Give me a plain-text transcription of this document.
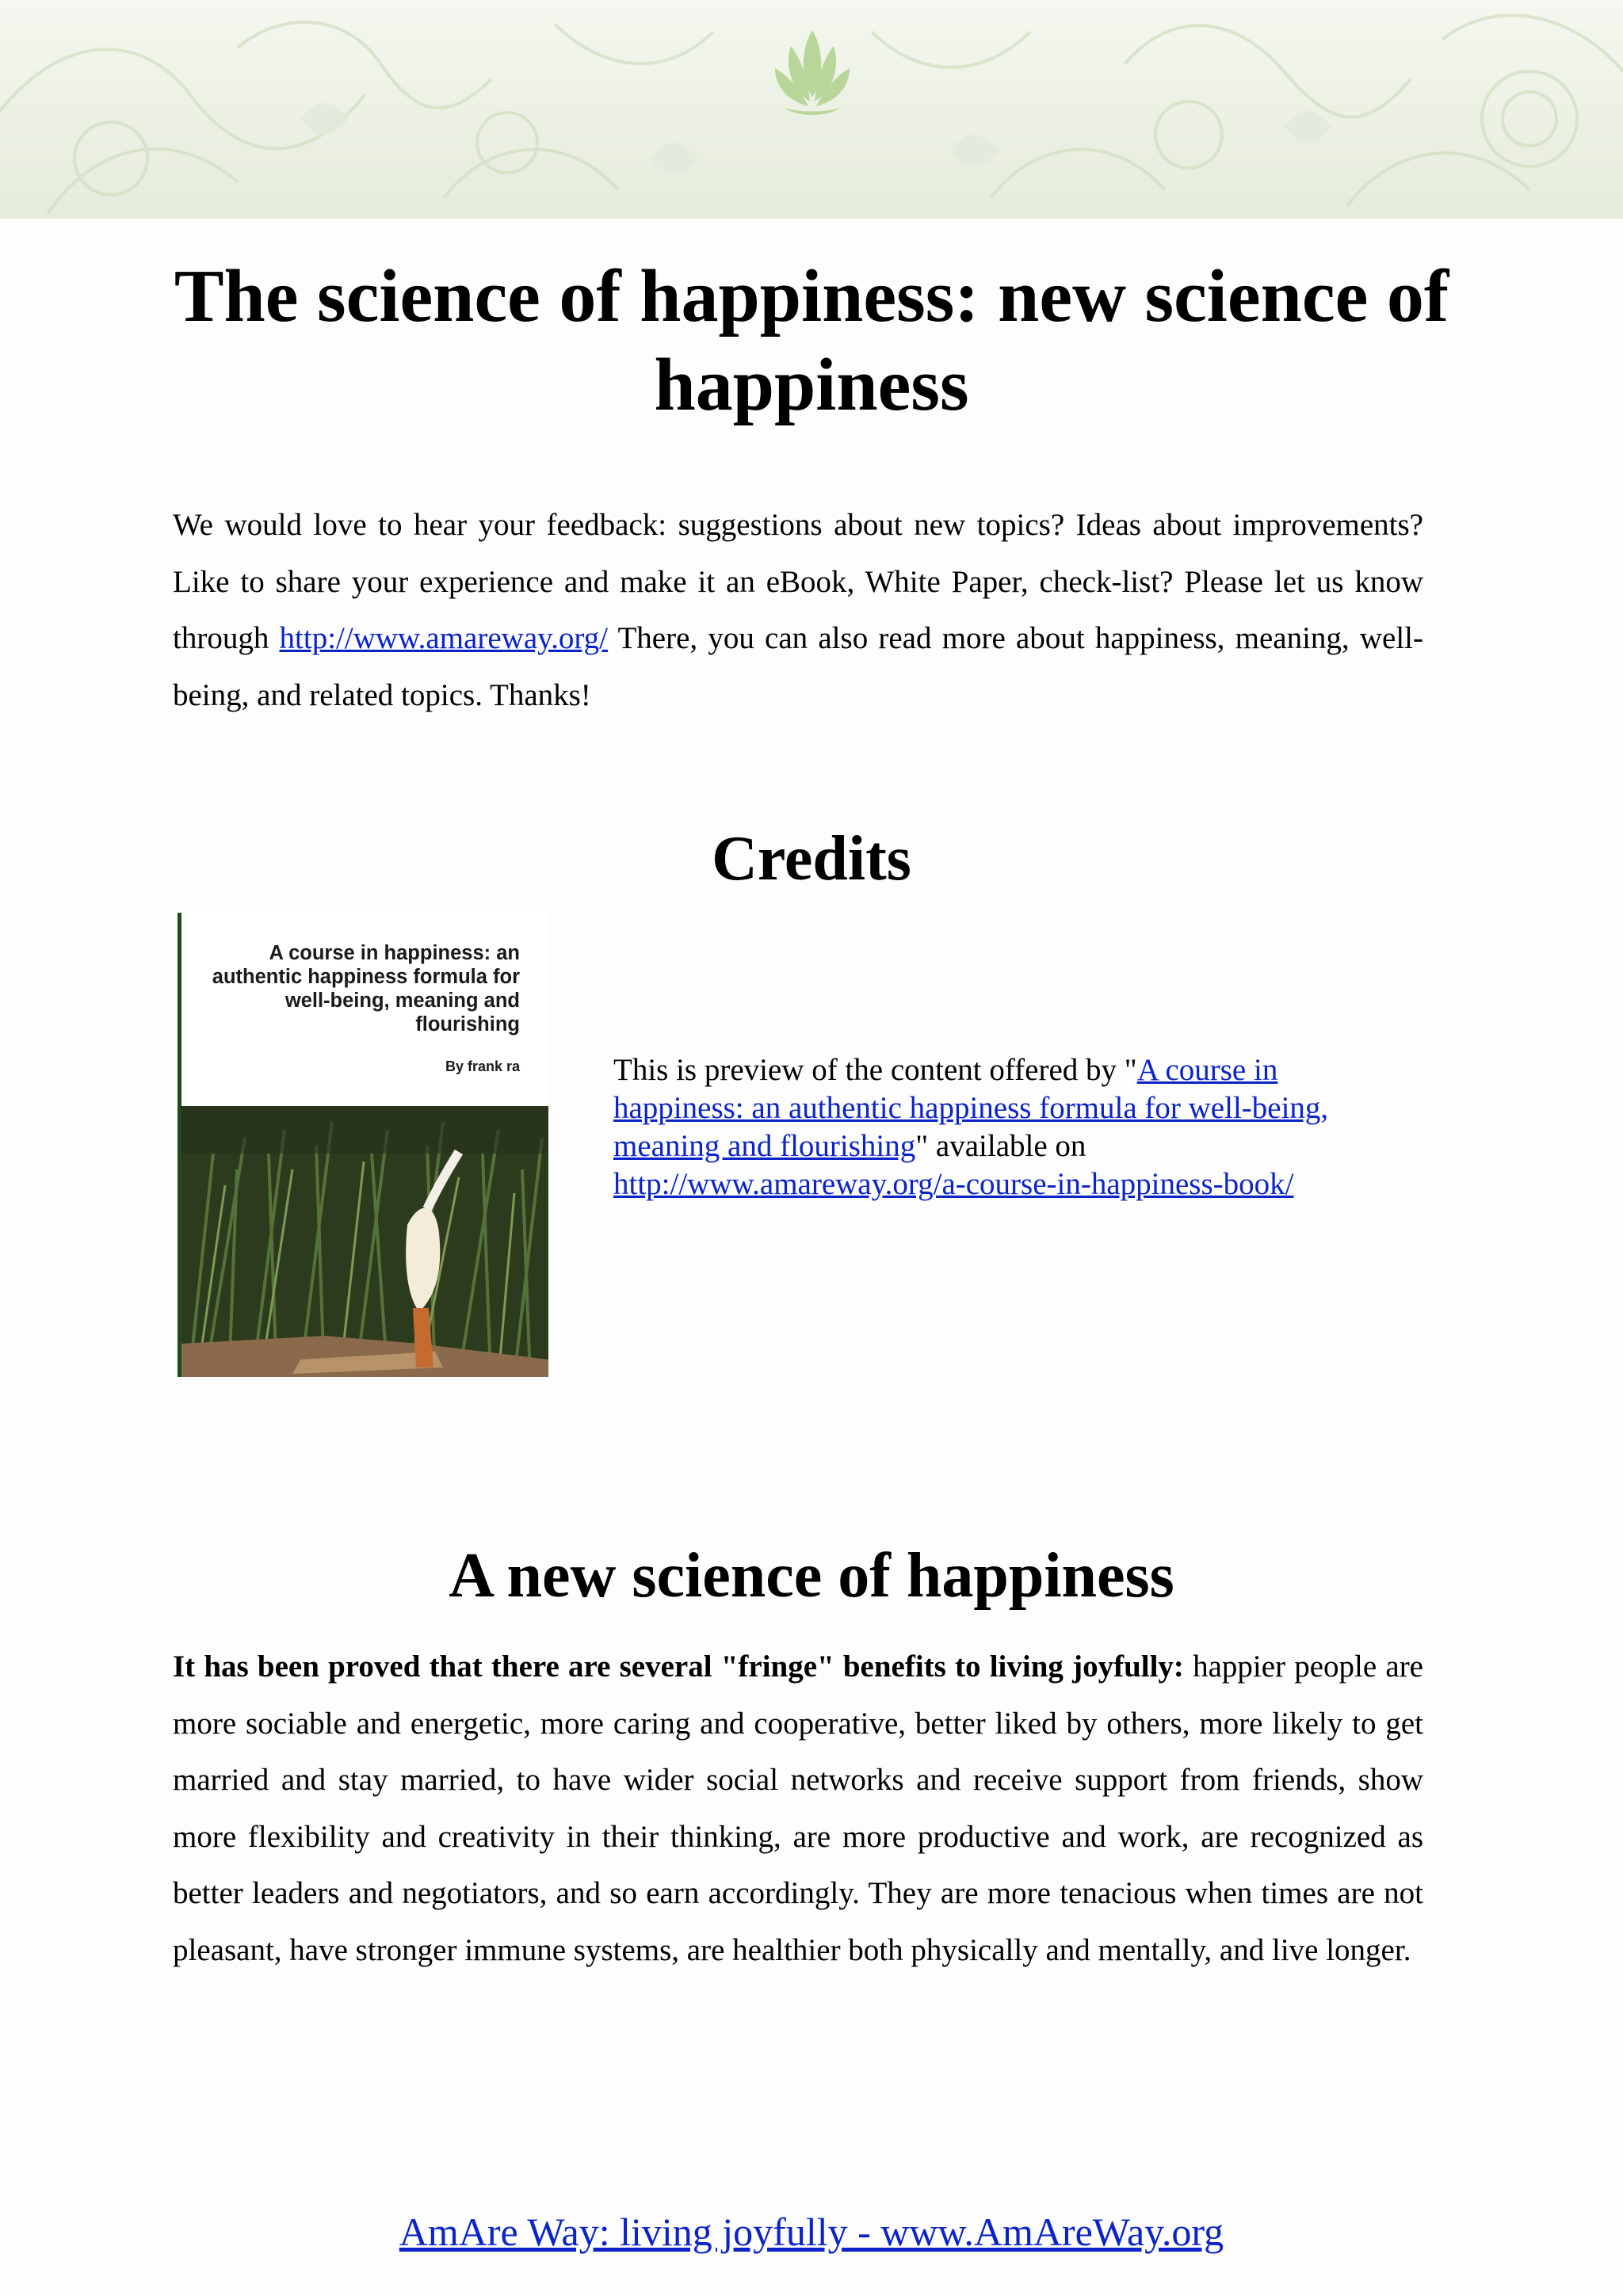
The science of happiness: new science of happiness

We would love to hear your feedback: suggestions about new topics? Ideas about improvements? Like to share your experience and make it an eBook, White Paper, check-list? Please let us know through http://www.amareway.org/ There, you can also read more about happiness, meaning, well-being, and related topics. Thanks!

Credits
A course in happiness: an authentic happiness formula for well-being, meaning and flourishing
By frank ra	This is preview of the content offered by "A course in happiness: an authentic happiness formula for well-being, meaning and flourishing" available on http://www.amareway.org/a-course-in-happiness-book/

A new science of happiness

It has been proved that there are several "fringe" benefits to living joyfully: happier people are more sociable and energetic, more caring and cooperative, better liked by others, more likely to get married and stay married, to have wider social networks and receive support from friends, show more flexibility and creativity in their thinking, are more productive and work, are recognized as better leaders and negotiators, and so earn accordingly. They are more tenacious when times are not pleasant, have stronger immune systems, are healthier both physically and mentally, and live longer.

AmAre Way: living joyfully - www.AmAreWay.org
